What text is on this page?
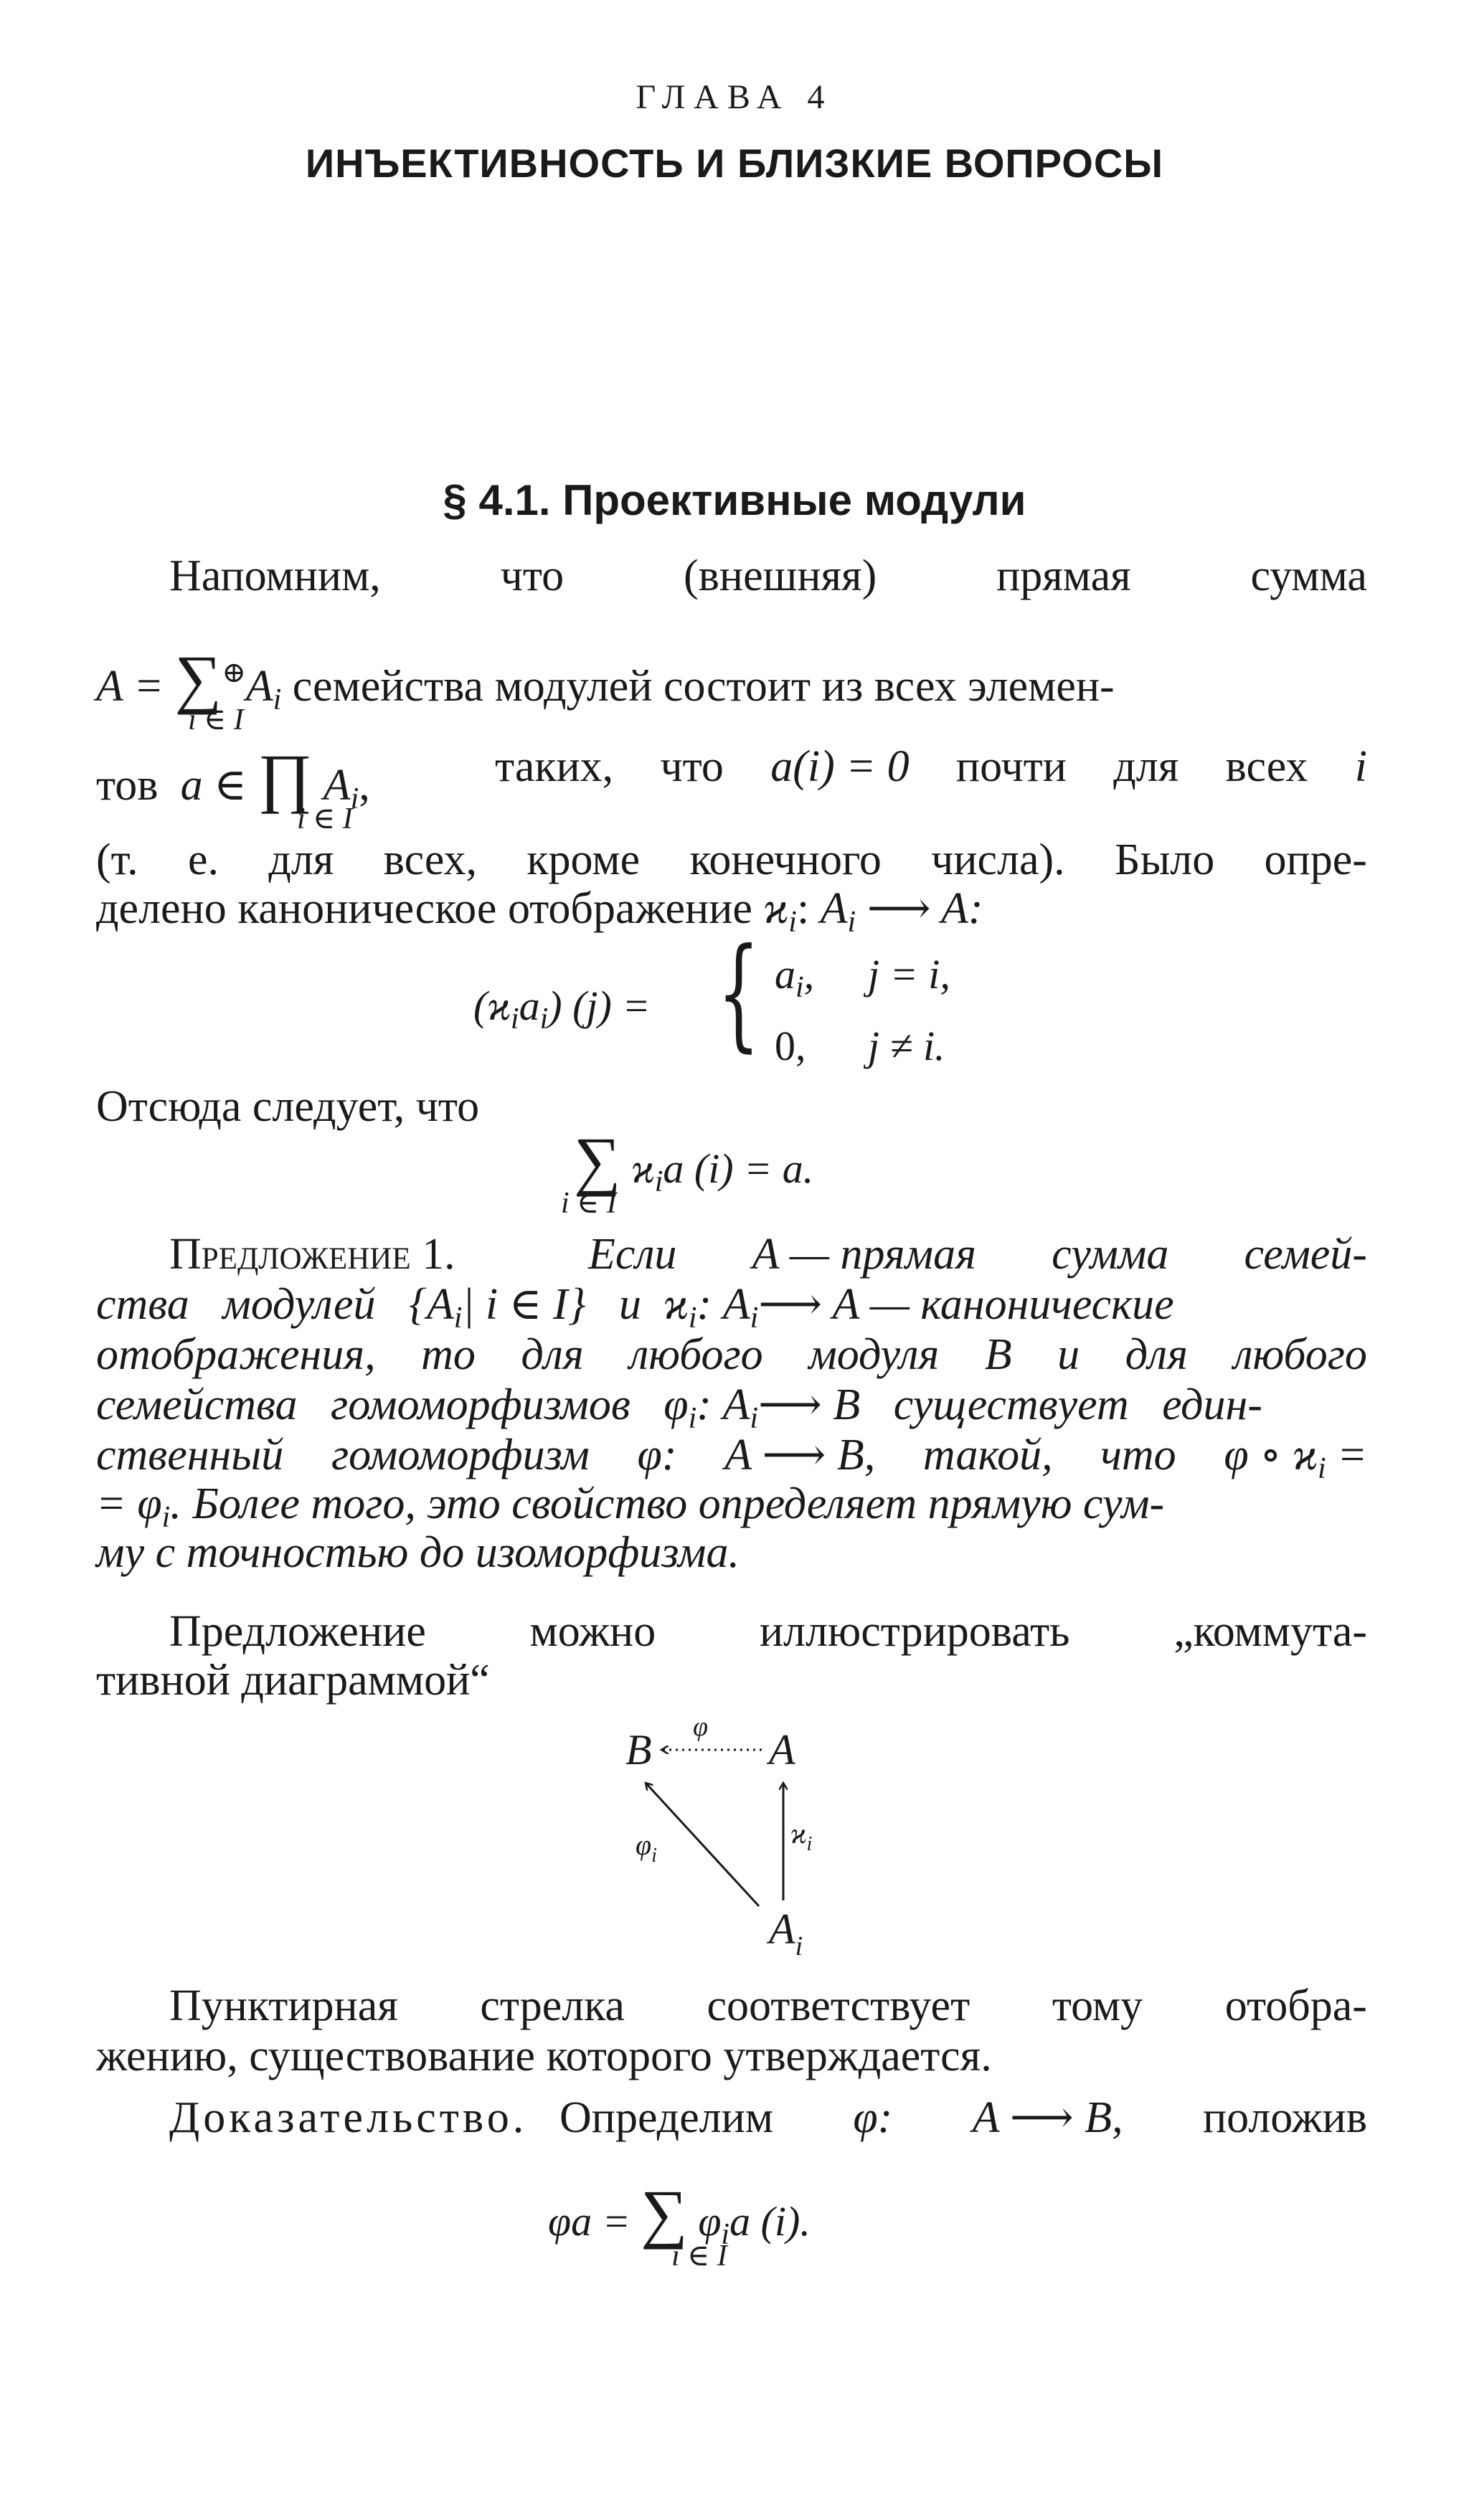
ГЛАВА 4
ИНЪЕКТИВНОСТЬ И БЛИЗКИЕ ВОПРОСЫ
§ 4.1. Проективные модули
Напомним,	что	(внешняя)	прямая	сумма
$A = \sum^\oplus A_i$ семейства модулей состоит из всех элемен-
i ∈ I
тов a ∈ ∏ $A_i$,
i ∈ I
таких, что a(i) = 0 почти для всех i
(т. е. для всех, кроме конечного числа). Было опре-
делено каноническое отображение $ϰ_i$: $A_i$ ⟶ A:
$(ϰ_ia_i) (j)$ = { $a_i$, j = i,
0, j ≠ i.
Отсюда следует, что
∑ $ϰ_ia$ (i) = a.
i ∈ I
Предложение 1.	Если A — прямая сумма семей-
ства модулей {$A_i|$ i ∈ I} и $ϰ_i$: $A_i⟶$ A — канонические
отображения, то для любого модуля B и для любого
семейства гомоморфизмов $\varphi_i$: $A_i⟶$ B существует един-
ственный гомоморфизм φ: A ⟶ B, такой, что φ ∘ $ϰ_i$ =
= $\varphi_i$. Более того, это свойство определяет прямую сум-
му с точностью до изоморфизма.
Предложение можно иллюстрировать „коммута-
тивной диаграммой“
B	A
φ
$ϰ_i$
$\varphi_i$
$A_i$
Пунктирная стрелка соответствует тому отобра-
жению, существование которого утверждается.
Доказательство. Определим φ: A ⟶ B, положив
φa = ∑ $\varphi_ia$ (i).
i ∈ I
